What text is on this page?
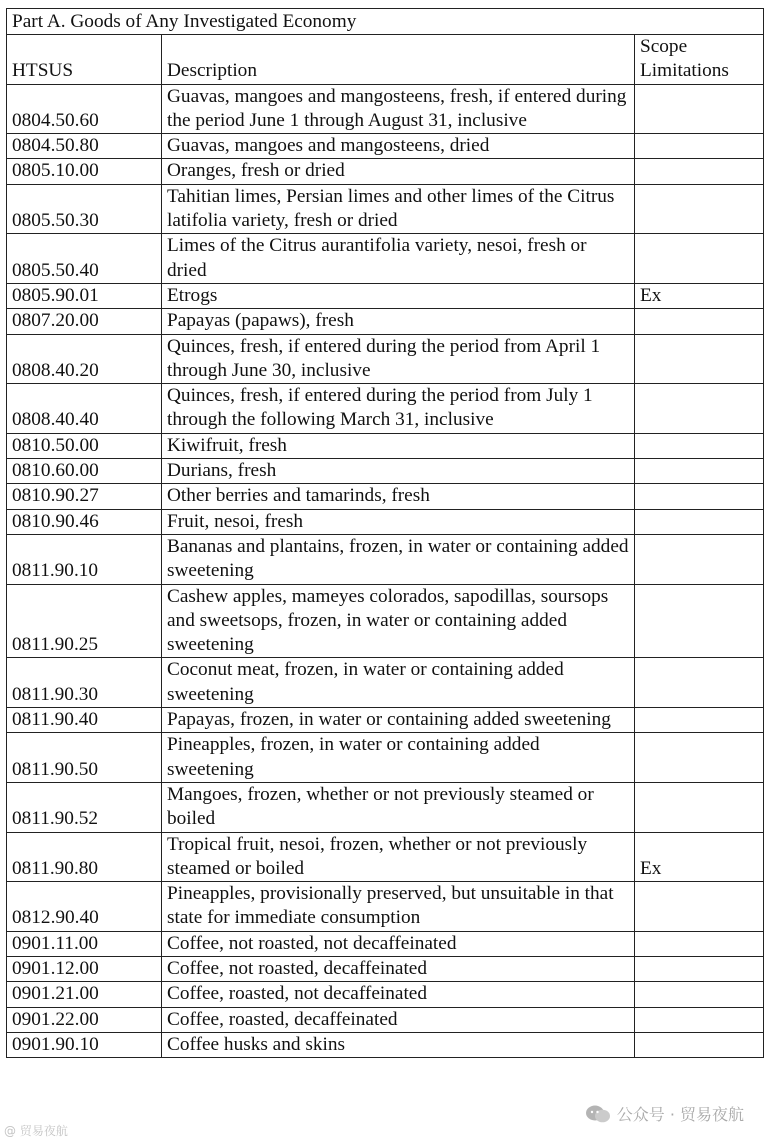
Part A. Goods of Any Investigated Economy		
HTSUS	Description	Scope Limitations
0804.50.60	Guavas, mangoes and mangosteens, fresh, if entered during the period June 1 through August 31, inclusive	
0804.50.80	Guavas, mangoes and mangosteens, dried	
0805.10.00	Oranges, fresh or dried	
0805.50.30	Tahitian limes, Persian limes and other limes of the Citrus latifolia variety, fresh or dried	
0805.50.40	Limes of the Citrus aurantifolia variety, nesoi, fresh or dried	
0805.90.01	Etrogs	Ex
0807.20.00	Papayas (papaws), fresh	
0808.40.20	Quinces, fresh, if entered during the period from April 1 through June 30, inclusive	
0808.40.40	Quinces, fresh, if entered during the period from July 1 through the following March 31, inclusive	
0810.50.00	Kiwifruit, fresh	
0810.60.00	Durians, fresh	
0810.90.27	Other berries and tamarinds, fresh	
0810.90.46	Fruit, nesoi, fresh	
0811.90.10	Bananas and plantains, frozen, in water or containing added sweetening	
0811.90.25	Cashew apples, mameyes colorados, sapodillas, soursops and sweetsops, frozen, in water or containing added sweetening	
0811.90.30	Coconut meat, frozen, in water or containing added sweetening	
0811.90.40	Papayas, frozen, in water or containing added sweetening	
0811.90.50	Pineapples, frozen, in water or containing added sweetening	
0811.90.52	Mangoes, frozen, whether or not previously steamed or boiled	
0811.90.80	Tropical fruit, nesoi, frozen, whether or not previously steamed or boiled	Ex
0812.90.40	Pineapples, provisionally preserved, but unsuitable in that state for immediate consumption	
0901.11.00	Coffee, not roasted, not decaffeinated	
0901.12.00	Coffee, not roasted, decaffeinated	
0901.21.00	Coffee, roasted, not decaffeinated	
0901.22.00	Coffee, roasted, decaffeinated	
0901.90.10	Coffee husks and skins	
公众号 · 贸易夜航
@ 贸易夜航
